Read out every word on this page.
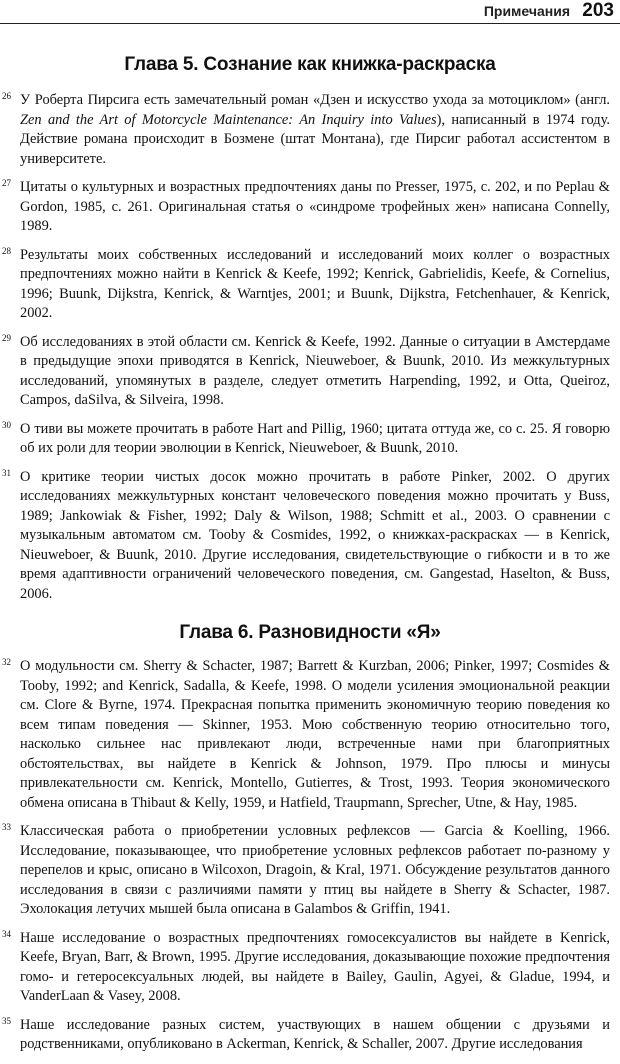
Примечания 203
Глава 5. Сознание как книжка-раскраска
26 У Роберта Пирсига есть замечательный роман «Дзен и искусство ухода за мотоциклом» (англ. Zen and the Art of Motorcycle Maintenance: An Inquiry into Values), написанный в 1974 году. Действие романа происходит в Бозмене (штат Монтана), где Пирсиг работал ассистентом в университете.
27 Цитаты о культурных и возрастных предпочтениях даны по Presser, 1975, с. 202, и по Peplau & Gordon, 1985, с. 261. Оригинальная статья о «синдроме трофейных жен» написана Connelly, 1989.
28 Результаты моих собственных исследований и исследований моих коллег о возрастных предпочтениях можно найти в Kenrick & Keefe, 1992; Kenrick, Gabrielidis, Keefe, & Cornelius, 1996; Buunk, Dijkstra, Kenrick, & Warntjes, 2001; и Buunk, Dijkstra, Fetchenhauer, & Kenrick, 2002.
29 Об исследованиях в этой области см. Kenrick & Keefe, 1992. Данные о ситуации в Амстердаме в предыдущие эпохи приводятся в Kenrick, Nieuweboer, & Buunk, 2010. Из межкультурных исследований, упомянутых в разделе, следует отметить Harpending, 1992, и Otta, Queiroz, Campos, daSilva, & Silveira, 1998.
30 О тиви вы можете прочитать в работе Hart and Pillig, 1960; цитата оттуда же, со с. 25. Я говорю об их роли для теории эволюции в Kenrick, Nieuweboer, & Buunk, 2010.
31 О критике теории чистых досок можно прочитать в работе Pinker, 2002. О других исследованиях межкультурных констант человеческого поведения можно прочитать у Buss, 1989; Jankowiak & Fisher, 1992; Daly & Wilson, 1988; Schmitt et al., 2003. О сравнении с музыкальным автоматом см. Tooby & Cosmides, 1992, о книжках-раскрасках — в Kenrick, Nieuweboer, & Buunk, 2010. Другие исследования, свидетельствующие о гибкости и в то же время адаптивности ограничений человеческого поведения, см. Gangestad, Haselton, & Buss, 2006.
Глава 6. Разновидности «Я»
32 О модульности см. Sherry & Schacter, 1987; Barrett & Kurzban, 2006; Pinker, 1997; Cosmides & Tooby, 1992; and Kenrick, Sadalla, & Keefe, 1998. О модели усиления эмоциональной реакции см. Clore & Byrne, 1974. Прекрасная попытка применить экономичную теорию поведения ко всем типам поведения — Skinner, 1953. Мою собственную теорию относительно того, насколько сильнее нас привлекают люди, встреченные нами при благоприятных обстоятельствах, вы найдете в Kenrick & Johnson, 1979. Про плюсы и минусы привлекательности см. Kenrick, Montello, Gutierres, & Trost, 1993. Теория экономического обмена описана в Thibaut & Kelly, 1959, и Hatfield, Traupmann, Sprecher, Utne, & Hay, 1985.
33 Классическая работа о приобретении условных рефлексов — Garcia & Koelling, 1966. Исследование, показывающее, что приобретение условных рефлексов работает по-разному у перепелов и крыс, описано в Wilcoxon, Dragoin, & Kral, 1971. Обсуждение результатов данного исследования в связи с различиями памяти у птиц вы найдете в Sherry & Schacter, 1987. Эхолокация летучих мышей была описана в Galambos & Griffin, 1941.
34 Наше исследование о возрастных предпочтениях гомосексуалистов вы найдете в Kenrick, Keefe, Bryan, Barr, & Brown, 1995. Другие исследования, доказывающие похожие предпочтения гомо- и гетеросексуальных людей, вы найдете в Bailey, Gaulin, Agyei, & Gladue, 1994, и VanderLaan & Vasey, 2008.
35 Наше исследование разных систем, участвующих в нашем общении с друзьями и родственниками, опубликовано в Ackerman, Kenrick, & Schaller, 2007. Другие исследования
